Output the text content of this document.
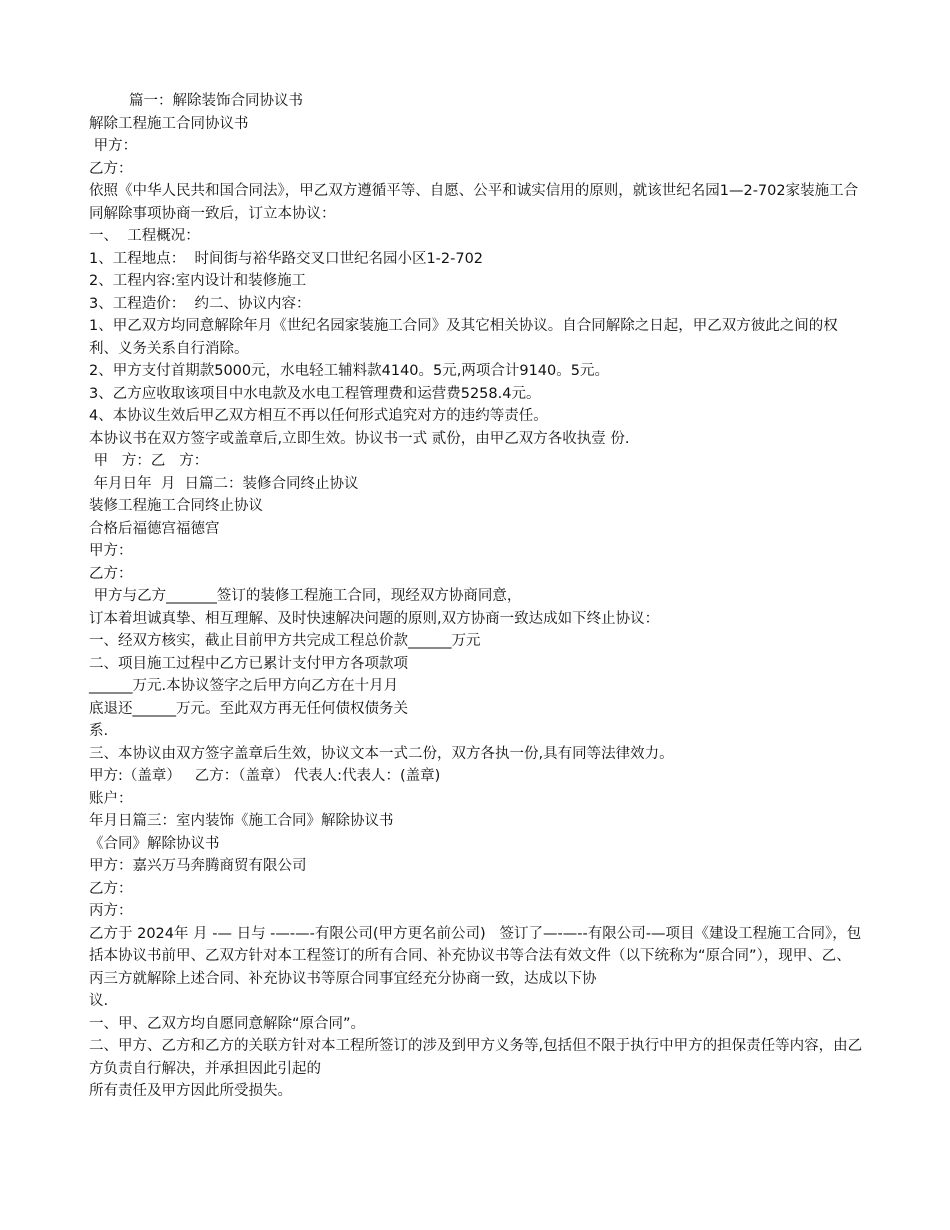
篇一：解除装饰合同协议书

解除工程施工合同协议书

甲方：

乙方：

依照《中华人民共和国合同法》，甲乙双方遵循平等、自愿、公平和诚实信用的原则，就该世纪名园1—2-702家装施工合同解除事项协商一致后，订立本协议：

一、  工程概况：

1、工程地点：  时间街与裕华路交叉口世纪名园小区1-2-702

2、工程内容:室内设计和装修施工

3、工程造价：  约二、协议内容：

1、甲乙双方均同意解除年月《世纪名园家装施工合同》及其它相关协议。自合同解除之日起，甲乙双方彼此之间的权利、义务关系自行消除。

2、甲方支付首期款5000元，水电轻工辅料款4140。5元,两项合计9140。5元。

3、乙方应收取该项目中水电款及水电工程管理费和运营费5258.4元。

4、本协议生效后甲乙双方相互不再以任何形式追究对方的违约等责任。

本协议书在双方签字或盖章后,立即生效。协议书一式 贰份，由甲乙双方各收执壹 份.

甲   方：乙   方：

年月日年  月  日篇二：装修合同终止协议

装修工程施工合同终止协议

合格后福德宫福德宫

甲方：

乙方：

甲方与乙方_______签订的装修工程施工合同，现经双方协商同意，

订本着坦诚真挚、相互理解、及时快速解决问题的原则,双方协商一致达成如下终止协议：

一、经双方核实，截止目前甲方共完成工程总价款______万元

二、项目施工过程中乙方已累计支付甲方各项款项

______万元.本协议签字之后甲方向乙方在十月月

底退还______万元。至此双方再无任何债权债务关

系.

三、本协议由双方签字盖章后生效，协议文本一式二份，双方各执一份,具有同等法律效力。

甲方:（盖章）   乙方：（盖章） 代表人:代表人：(盖章)

账户：

年月日篇三：室内装饰《施工合同》解除协议书

《合同》解除协议书

甲方：嘉兴万马奔腾商贸有限公司

乙方：

丙方：

乙方于 2024年 月 -— 日与 -—-—-有限公司(甲方更名前公司)   签订了—-—--有限公司-—项目《建设工程施工合同》，包括本协议书前甲、乙双方针对本工程签订的所有合同、补充协议书等合法有效文件（以下统称为“原合同”），现甲、乙、丙三方就解除上述合同、补充协议书等原合同事宜经充分协商一致，达成以下协

议.

一、甲、乙双方均自愿同意解除“原合同”。

二、甲方、乙方和乙方的关联方针对本工程所签订的涉及到甲方义务等,包括但不限于执行中甲方的担保责任等内容，由乙方负责自行解决，并承担因此引起的

所有责任及甲方因此所受损失。
